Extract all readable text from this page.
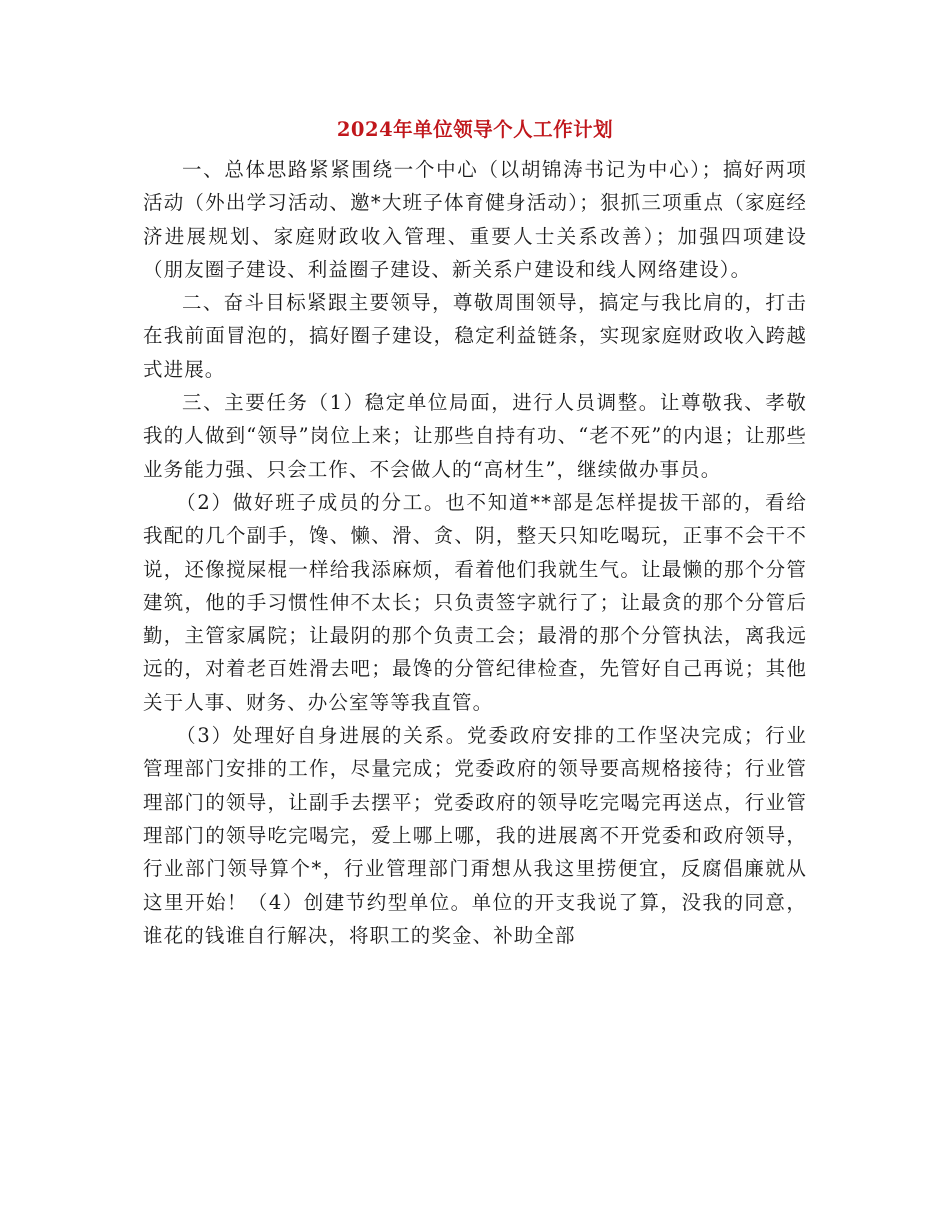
2024年单位领导个人工作计划

一、总体思路紧紧围绕一个中心（以胡锦涛书记为中心）；搞好两项活动（外出学习活动、邀*大班子体育健身活动）；狠抓三项重点（家庭经济进展规划、家庭财政收入管理、重要人士关系改善）；加强四项建设（朋友圈子建设、利益圈子建设、新关系户建设和线人网络建设）。

二、奋斗目标紧跟主要领导，尊敬周围领导，搞定与我比肩的，打击在我前面冒泡的，搞好圈子建设，稳定利益链条，实现家庭财政收入跨越式进展。

三、主要任务（1）稳定单位局面，进行人员调整。让尊敬我、孝敬我的人做到“领导”岗位上来；让那些自持有功、“老不死”的内退；让那些业务能力强、只会工作、不会做人的“高材生”，继续做办事员。

（2）做好班子成员的分工。也不知道**部是怎样提拔干部的，看给我配的几个副手，馋、懒、滑、贪、阴，整天只知吃喝玩，正事不会干不说，还像搅屎棍一样给我添麻烦，看着他们我就生气。让最懒的那个分管建筑，他的手习惯性伸不太长；只负责签字就行了；让最贪的那个分管后勤，主管家属院；让最阴的那个负责工会；最滑的那个分管执法，离我远远的，对着老百姓滑去吧；最馋的分管纪律检查，先管好自己再说；其他关于人事、财务、办公室等等我直管。

（3）处理好自身进展的关系。党委政府安排的工作坚决完成；行业管理部门安排的工作，尽量完成；党委政府的领导要高规格接待；行业管理部门的领导，让副手去摆平；党委政府的领导吃完喝完再送点，行业管理部门的领导吃完喝完，爱上哪上哪，我的进展离不开党委和政府领导，行业部门领导算个*，行业管理部门甭想从我这里捞便宜，反腐倡廉就从这里开始！（4）创建节约型单位。单位的开支我说了算，没我的同意，谁花的钱谁自行解决，将职工的奖金、补助全部
